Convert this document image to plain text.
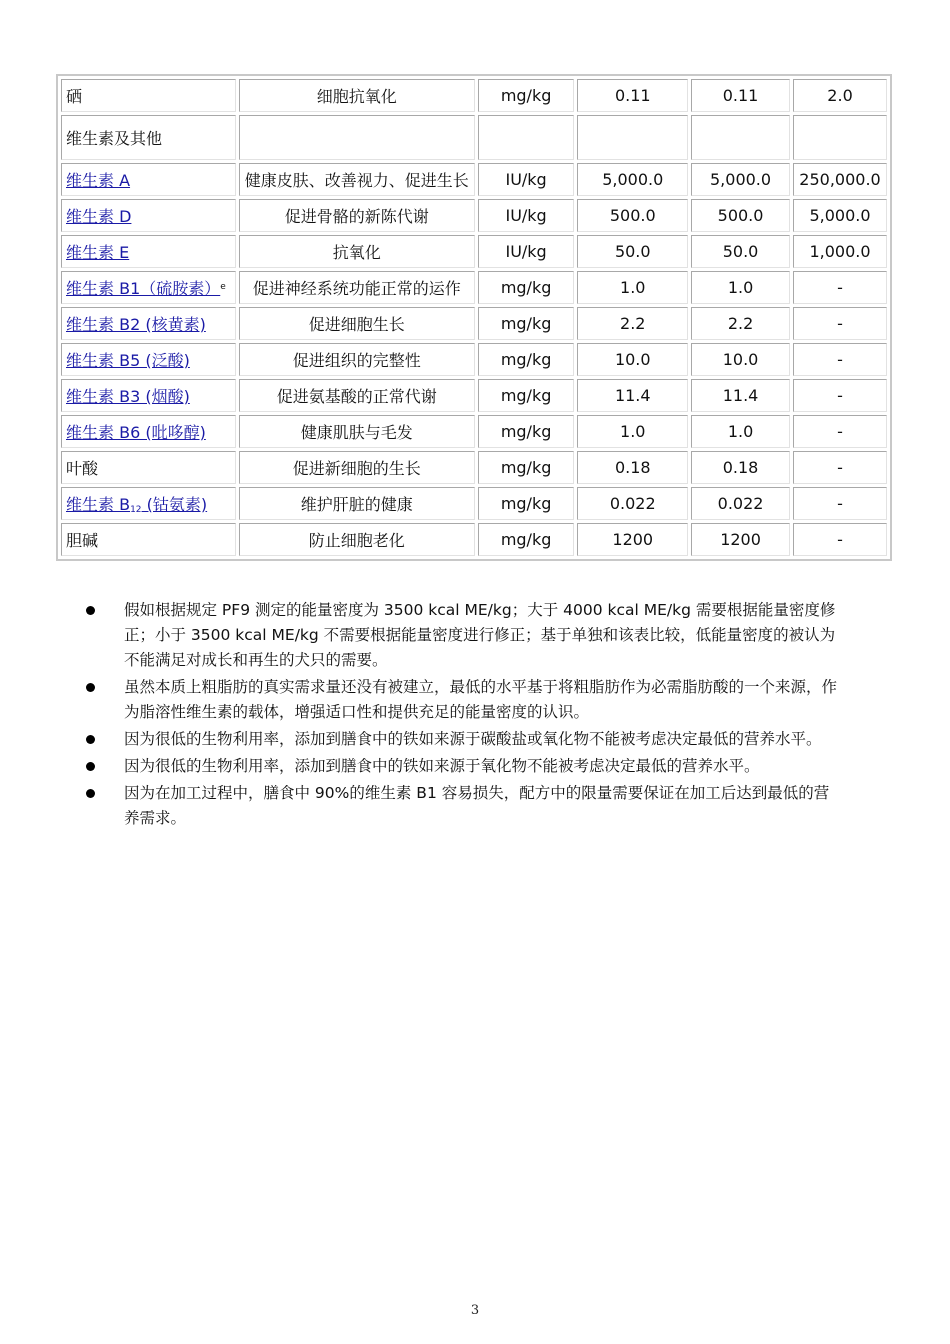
硒	细胞抗氧化	mg/kg	0.11	0.11	2.0
维生素及其他					
维生素 A	健康皮肤、改善视力、促进生长	IU/kg	5,000.0	5,000.0	250,000.0
维生素 D	促进骨骼的新陈代谢	IU/kg	500.0	500.0	5,000.0
维生素 E	抗氧化	IU/kg	50.0	50.0	1,000.0
维生素 B1（硫胺素）$^e$	促进神经系统功能正常的运作	mg/kg	1.0	1.0	-
维生素 B2 (核黄素)	促进细胞生长	mg/kg	2.2	2.2	-
维生素 B5 (泛酸)	促进组织的完整性	mg/kg	10.0	10.0	-
维生素 B3 (烟酸)	促进氨基酸的正常代谢	mg/kg	11.4	11.4	-
维生素 B6 (吡哆醇)	健康肌肤与毛发	mg/kg	1.0	1.0	-
叶酸	促进新细胞的生长	mg/kg	0.18	0.18	-
维生素 $B_{12}$ (钴氨素)	维护肝脏的健康	mg/kg	0.022	0.022	-
胆碱	防止细胞老化	mg/kg	1200	1200	-
假如根据规定 PF9 测定的能量密度为 3500 kcal ME/kg；大于 4000 kcal ME/kg 需要根据能量密度修正；小于 3500 kcal ME/kg 不需要根据能量密度进行修正；基于单独和该表比较，低能量密度的被认为不能满足对成长和再生的犬只的需要。
虽然本质上粗脂肪的真实需求量还没有被建立，最低的水平基于将粗脂肪作为必需脂肪酸的一个来源，作为脂溶性维生素的载体，增强适口性和提供充足的能量密度的认识。
因为很低的生物利用率，添加到膳食中的铁如来源于碳酸盐或氧化物不能被考虑决定最低的营养水平。
因为很低的生物利用率，添加到膳食中的铁如来源于氧化物不能被考虑决定最低的营养水平。
因为在加工过程中，膳食中 90%的维生素 B1 容易损失，配方中的限量需要保证在加工后达到最低的营养需求。
3
